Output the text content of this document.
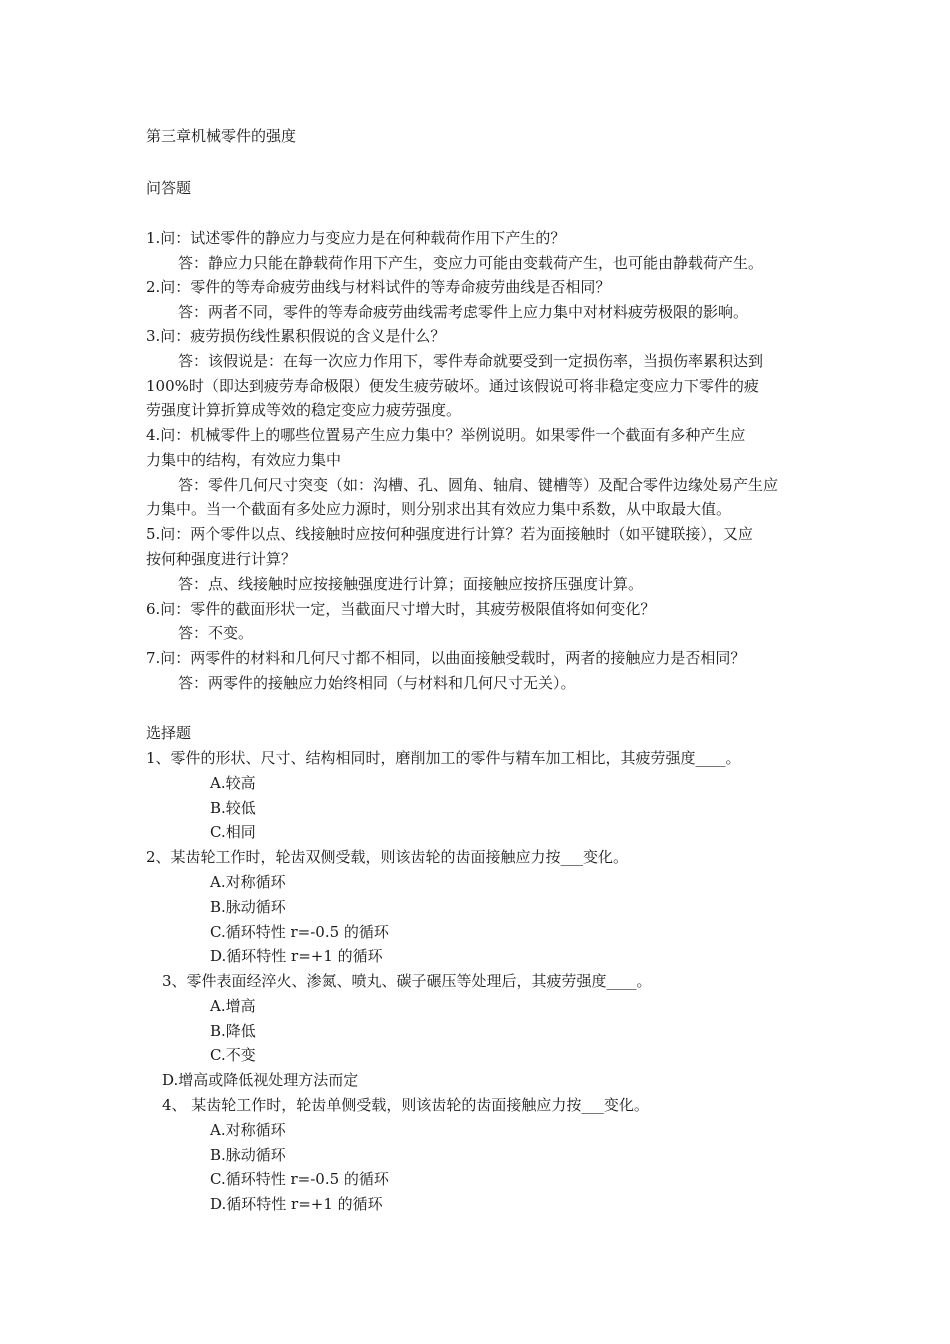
第三章机械零件的强度
问答题
1.问：试述零件的静应力与变应力是在何种载荷作用下产生的？
答：静应力只能在静载荷作用下产生，变应力可能由变载荷产生，也可能由静载荷产生。
2.问：零件的等寿命疲劳曲线与材料试件的等寿命疲劳曲线是否相同？
答：两者不同，零件的等寿命疲劳曲线需考虑零件上应力集中对材料疲劳极限的影响。
3.问：疲劳损伤线性累积假说的含义是什么？
答：该假说是：在每一次应力作用下，零件寿命就要受到一定损伤率，当损伤率累积达到
100%时（即达到疲劳寿命极限）便发生疲劳破坏。通过该假说可将非稳定变应力下零件的疲
劳强度计算折算成等效的稳定变应力疲劳强度。
4.问：机械零件上的哪些位置易产生应力集中？举例说明。如果零件一个截面有多种产生应
力集中的结构，有效应力集中
答：零件几何尺寸突变（如：沟槽、孔、圆角、轴肩、键槽等）及配合零件边缘处易产生应
力集中。当一个截面有多处应力源时，则分别求出其有效应力集中系数，从中取最大值。
5.问：两个零件以点、线接触时应按何种强度进行计算？若为面接触时（如平键联接），又应
按何种强度进行计算？
答：点、线接触时应按接触强度进行计算；面接触应按挤压强度计算。
6.问：零件的截面形状一定，当截面尺寸增大时，其疲劳极限值将如何变化？
答：不变。
7.问：两零件的材料和几何尺寸都不相同，以曲面接触受载时，两者的接触应力是否相同？
答：两零件的接触应力始终相同（与材料和几何尺寸无关）。
选择题
1、零件的形状、尺寸、结构相同时，磨削加工的零件与精车加工相比，其疲劳强度____。
A.较高
B.较低
C.相同
2、某齿轮工作时，轮齿双侧受载，则该齿轮的齿面接触应力按___变化。
A.对称循环
B.脉动循环
C.循环特性 r=-0.5 的循环
D.循环特性 r=+1 的循环
3、零件表面经淬火、渗氮、喷丸、碳子碾压等处理后，其疲劳强度____。
A.增高
B.降低
C.不变
D.增高或降低视处理方法而定
4、 某齿轮工作时，轮齿单侧受载，则该齿轮的齿面接触应力按___变化。
A.对称循环
B.脉动循环
C.循环特性 r=-0.5 的循环
D.循环特性 r=+1 的循环
